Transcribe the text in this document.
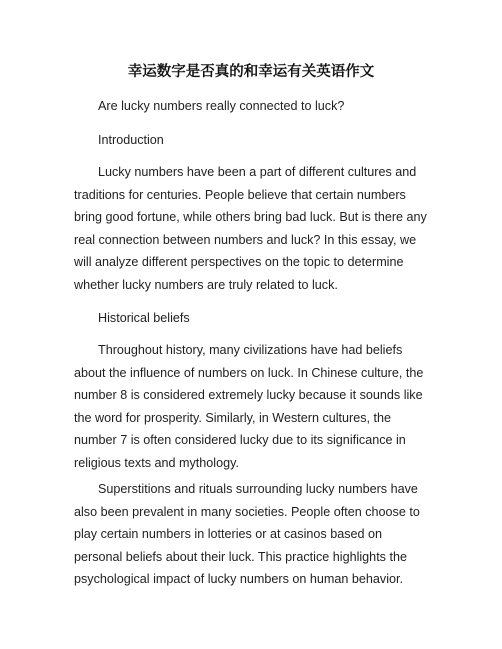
幸运数字是否真的和幸运有关英语作文

Are lucky numbers really connected to luck?

Introduction

Lucky numbers have been a part of different cultures and traditions for centuries. People believe that certain numbers bring good fortune, while others bring bad luck. But is there any real connection between numbers and luck? In this essay, we will analyze different perspectives on the topic to determine whether lucky numbers are truly related to luck.

Historical beliefs

Throughout history, many civilizations have had beliefs about the influence of numbers on luck. In Chinese culture, the number 8 is considered extremely lucky because it sounds like the word for prosperity. Similarly, in Western cultures, the number 7 is often considered lucky due to its significance in religious texts and mythology.

Superstitions and rituals surrounding lucky numbers have also been prevalent in many societies. People often choose to play certain numbers in lotteries or at casinos based on personal beliefs about their luck. This practice highlights the psychological impact of lucky numbers on human behavior.
